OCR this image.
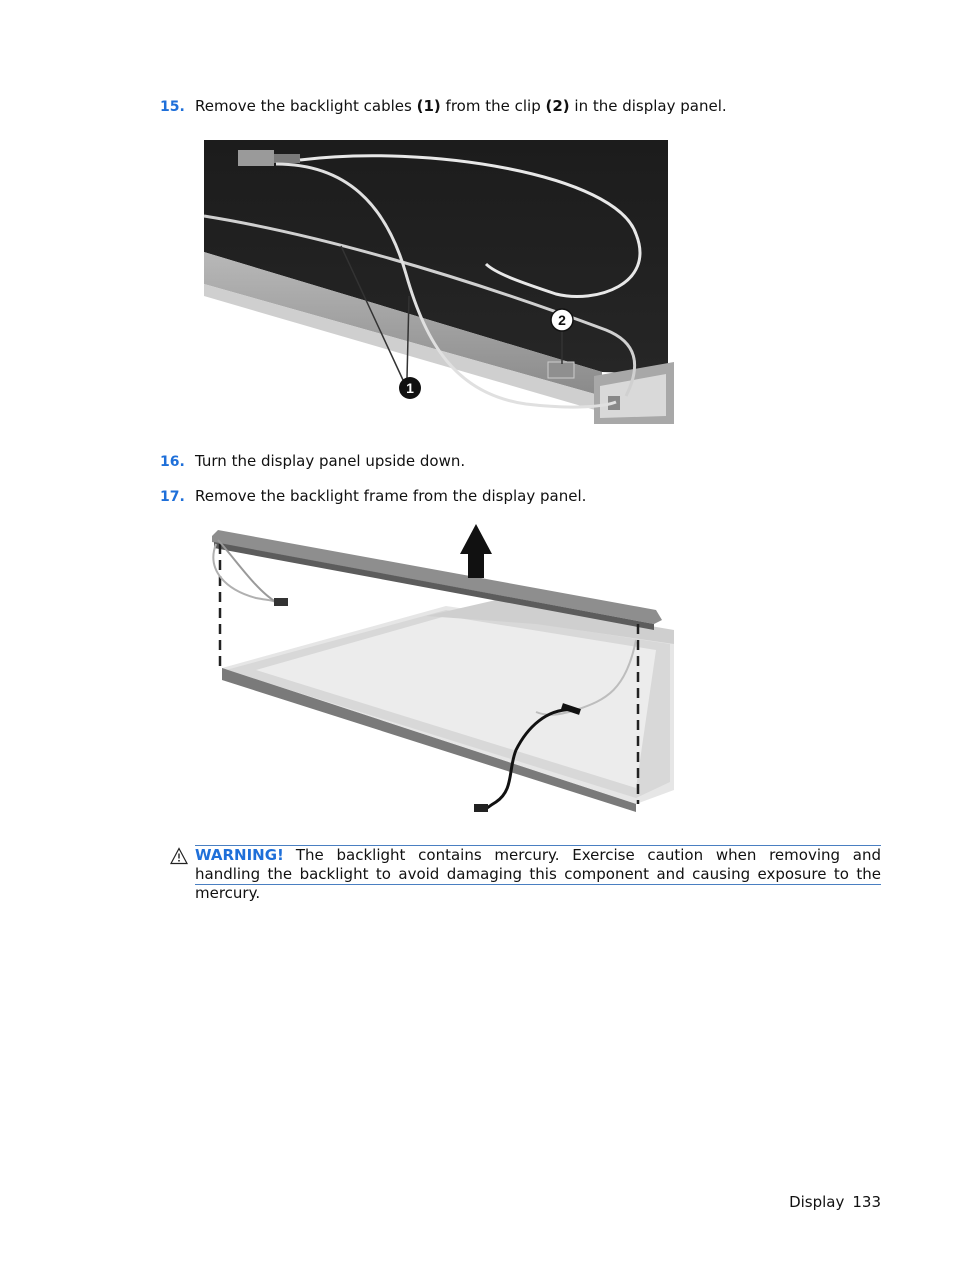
15. Remove the backlight cables (1) from the clip (2) in the display panel.
1
2
16. Turn the display panel upside down.
17. Remove the backlight frame from the display panel.
WARNING! The backlight contains mercury. Exercise caution when removing and handling the backlight to avoid damaging this component and causing exposure to the mercury.
Display 133
